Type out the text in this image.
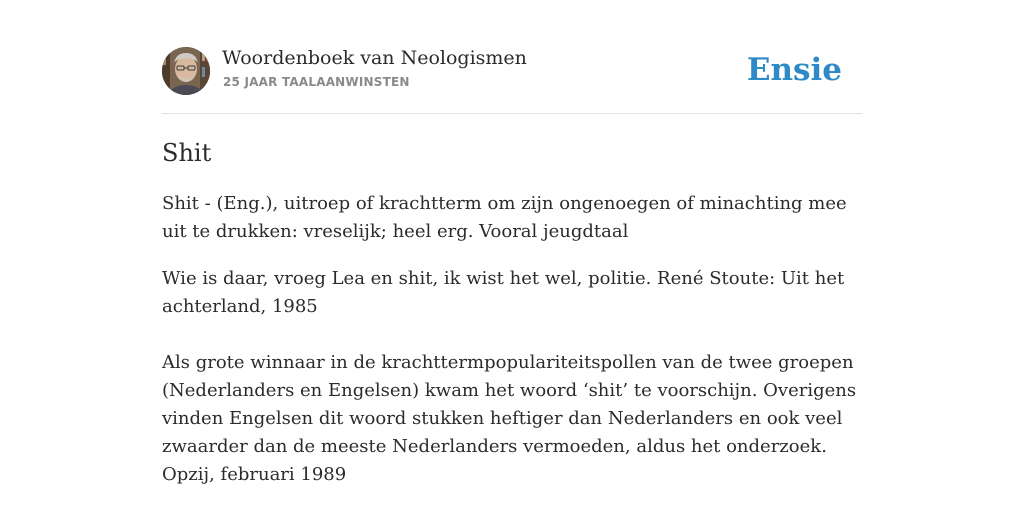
Woordenboek van Neologismen
25 JAAR TAALAANWINSTEN	Ensie
Shit

Shit - (Eng.), uitroep of krachtterm om zijn ongenoegen of minachting mee uit te drukken: vreselijk; heel erg. Vooral jeugdtaal

Wie is daar, vroeg Lea en shit, ik wist het wel, politie. René Stoute: Uit het achterland, 1985

Als grote winnaar in de krachttermpopulariteitspollen van de twee groepen (Nederlanders en Engelsen) kwam het woord ‘shit’ te voorschijn. Overigens vinden Engelsen dit woord stukken heftiger dan Nederlanders en ook veel zwaarder dan de meeste Nederlanders vermoeden, aldus het onderzoek. Opzij, februari 1989
